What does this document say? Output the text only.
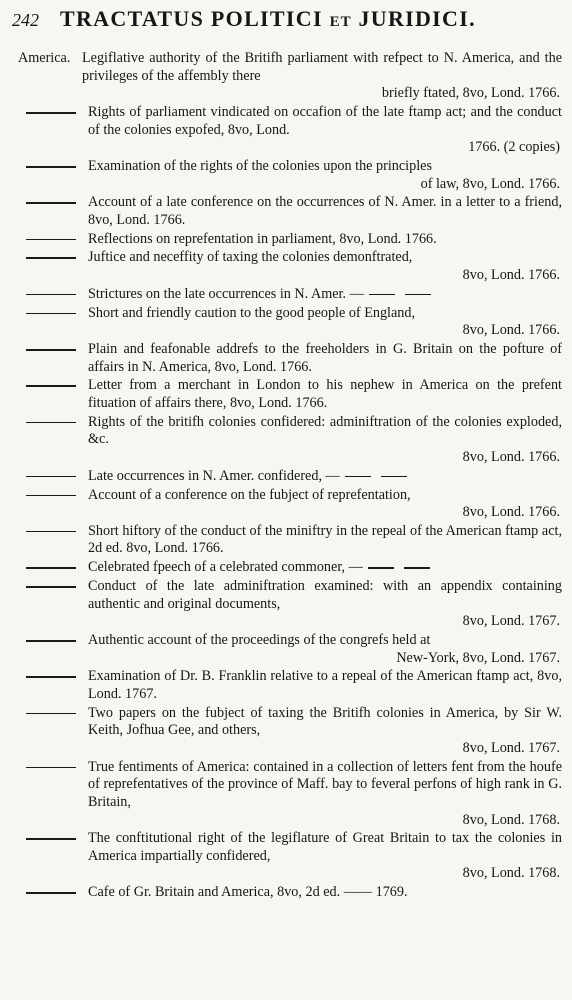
242 TRACTATUS POLITICI ET JURIDICI.
America. Legiflative authority of the Britifh parliament with refpect to N. America, and the privileges of the affembly there
briefly ftated, 8vo, Lond. 1766.
Rights of parliament vindicated on occafion of the late ftamp act; and the conduct of the colonies expofed, 8vo, Lond.
1766. (2 copies)
Examination of the rights of the colonies upon the principles
of law, 8vo, Lond. 1766.
Account of a late conference on the occurrences of N. Amer. in a letter to a friend, 8vo, Lond. 1766.
Reflections on reprefentation in parliament, 8vo, Lond. 1766.
Juftice and neceffity of taxing the colonies demonftrated,
8vo, Lond. 1766.
Strictures on the late occurrences in N. Amer. —
Short and friendly caution to the good people of England,
8vo, Lond. 1766.
Plain and feafonable addrefs to the freeholders in G. Britain on the pofture of affairs in N. America, 8vo, Lond. 1766.
Letter from a merchant in London to his nephew in America on the prefent fituation of affairs there, 8vo, Lond. 1766.
Rights of the britifh colonies confidered: adminiftration of the colonies exploded, &c.
8vo, Lond. 1766.
Late occurrences in N. Amer. confidered, —
Account of a conference on the fubject of reprefentation,
8vo, Lond. 1766.
Short hiftory of the conduct of the miniftry in the repeal of the American ftamp act, 2d ed. 8vo, Lond. 1766.
Celebrated fpeech of a celebrated commoner, —
Conduct of the late adminiftration examined: with an appendix containing authentic and original documents,
8vo, Lond. 1767.
Authentic account of the proceedings of the congrefs held at
New-York, 8vo, Lond. 1767.
Examination of Dr. B. Franklin relative to a repeal of the American ftamp act, 8vo, Lond. 1767.
Two papers on the fubject of taxing the Britifh colonies in America, by Sir W. Keith, Jofhua Gee, and others,
8vo, Lond. 1767.
True fentiments of America: contained in a collection of letters fent from the houfe of reprefentatives of the province of Maff. bay to feveral perfons of high rank in G. Britain,
8vo, Lond. 1768.
The conftitutional right of the legiflature of Great Britain to tax the colonies in America impartially confidered,
8vo, Lond. 1768.
Cafe of Gr. Britain and America, 8vo, 2d ed. —— 1769.
